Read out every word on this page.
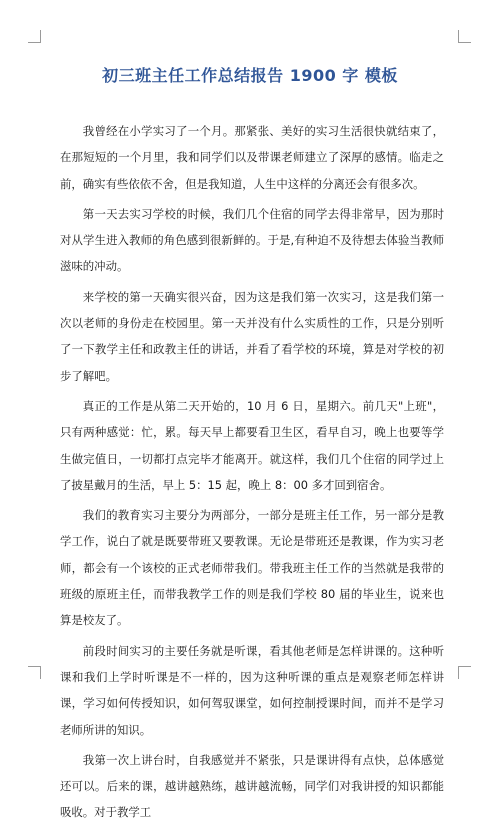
初三班主任工作总结报告 1900 字 模板

我曾经在小学实习了一个月。那紧张、美好的实习生活很快就结束了，在那短短的一个月里，我和同学们以及带课老师建立了深厚的感情。临走之前，确实有些依依不舍，但是我知道，人生中这样的分离还会有很多次。

第一天去实习学校的时候，我们几个住宿的同学去得非常早，因为那时对从学生进入教师的角色感到很新鲜的。于是,有种迫不及待想去体验当教师滋味的冲动。

来学校的第一天确实很兴奋，因为这是我们第一次实习，这是我们第一次以老师的身份走在校园里。第一天并没有什么实质性的工作，只是分别听了一下教学主任和政教主任的讲话，并看了看学校的环境，算是对学校的初步了解吧。

真正的工作是从第二天开始的，10 月 6 日，星期六。前几天"上班"，只有两种感觉：忙，累。每天早上都要看卫生区，看早自习，晚上也要等学生做完值日，一切都打点完毕才能离开。就这样，我们几个住宿的同学过上了披星戴月的生活，早上 5：15 起，晚上 8：00 多才回到宿舍。

我们的教育实习主要分为两部分，一部分是班主任工作，另一部分是教学工作，说白了就是既要带班又要教课。无论是带班还是教课，作为实习老师，都会有一个该校的正式老师带我们。带我班主任工作的当然就是我带的班级的原班主任，而带我教学工作的则是我们学校 80 届的毕业生，说来也算是校友了。

前段时间实习的主要任务就是听课，看其他老师是怎样讲课的。这种听课和我们上学时听课是不一样的，因为这种听课的重点是观察老师怎样讲课，学习如何传授知识，如何驾驭课堂，如何控制授课时间，而并不是学习老师所讲的知识。

我第一次上讲台时，自我感觉并不紧张，只是课讲得有点快，总体感觉还可以。后来的课，越讲越熟练，越讲越流畅，同学们对我讲授的知识都能吸收。对于教学工
